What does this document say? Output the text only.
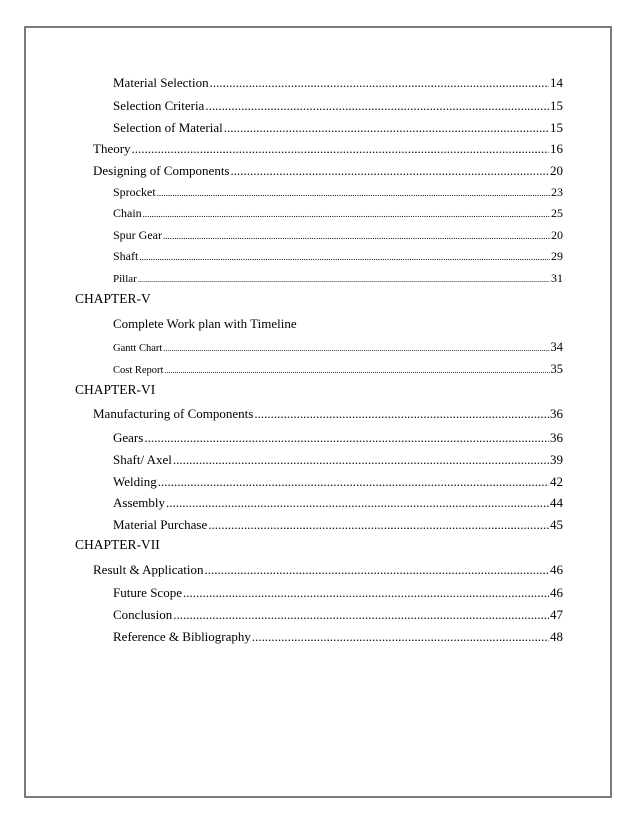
Material Selection .....	14
Selection Criteria .....	15
Selection of Material .....	15
Theory .....	16
Designing of Components .....	20
Sprocket .....	23
Chain .....	25
Spur Gear .....	20
Shaft .....	29
Pillar .....	31
CHAPTER-V
Complete Work plan with Timeline
Gantt Chart .....	34
Cost Report .....	35
CHAPTER-VI
Manufacturing of Components .....	36
Gears .....	36
Shaft/ Axel .....	39
Welding .....	42
Assembly .....	44
Material Purchase .....	45
CHAPTER-VII
Result & Application .....	46
Future Scope .....	46
Conclusion .....	47
Reference & Bibliography .....	48
